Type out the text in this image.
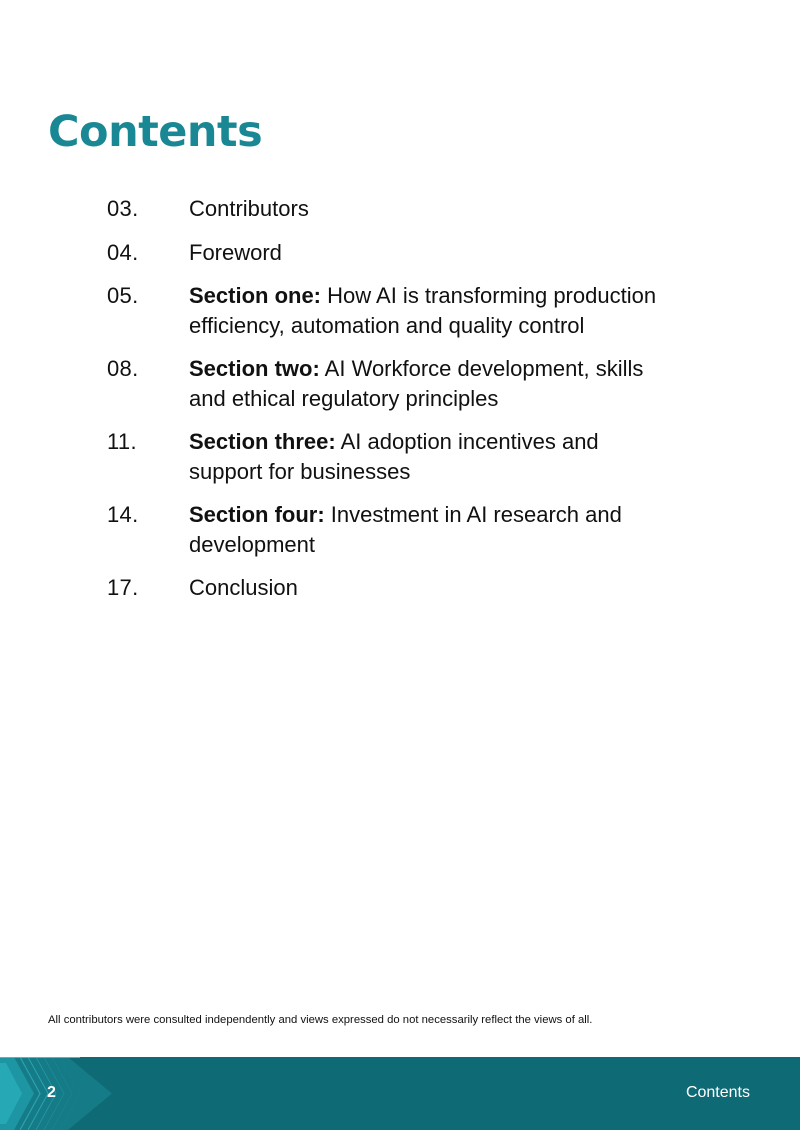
Contents
03.	Contributors
04.	Foreword
05.	Section one: How AI is transforming production efficiency, automation and quality control
08.	Section two: AI Workforce development, skills and ethical regulatory principles
11.	Section three: AI adoption incentives and support for businesses
14.	Section four: Investment in AI research and development
17.	Conclusion
All contributors were consulted independently and views expressed do not necessarily reflect the views of all.
2	Contents
